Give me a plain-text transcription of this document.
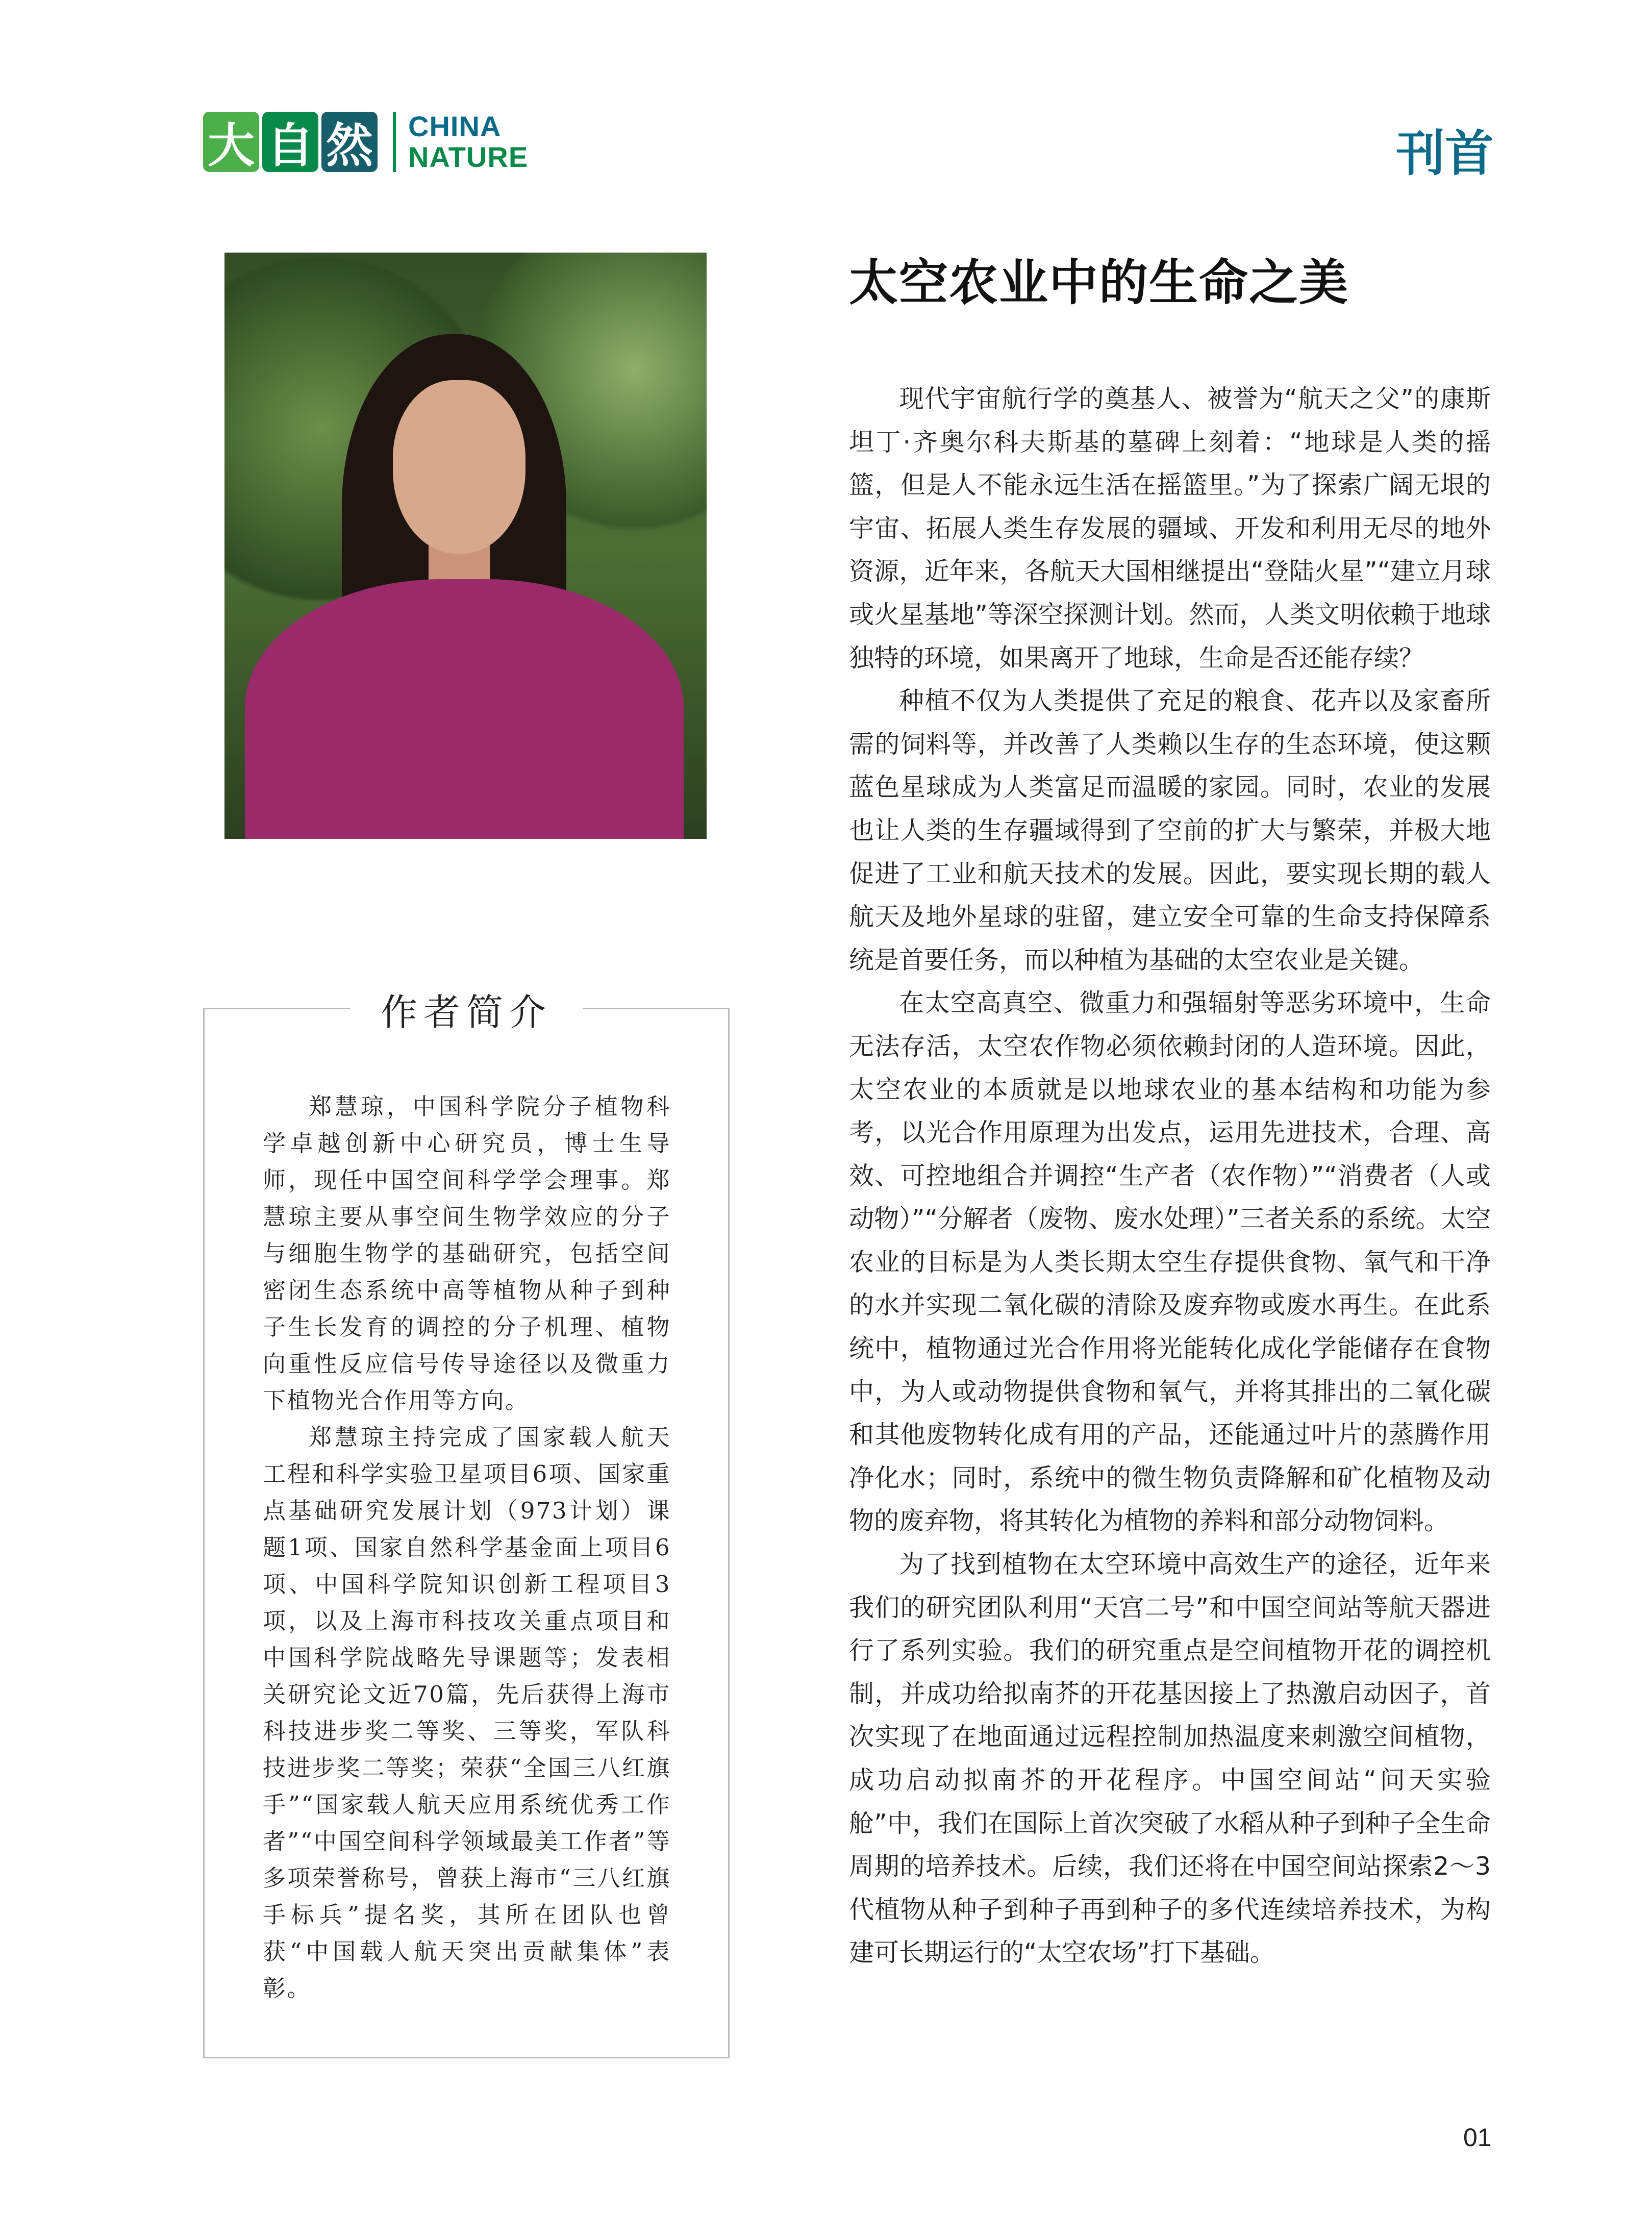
大 自 然 CHINA
NATURE	刊首
太空农业中的生命之美

现代宇宙航行学的奠基人、被誉为“航天之父”的康斯坦丁·齐奥尔科夫斯基的墓碑上刻着：“地球是人类的摇篮，但是人不能永远生活在摇篮里。”为了探索广阔无垠的宇宙、拓展人类生存发展的疆域、开发和利用无尽的地外资源，近年来，各航天大国相继提出“登陆火星”“建立月球或火星基地”等深空探测计划。然而，人类文明依赖于地球独特的环境，如果离开了地球，生命是否还能存续？

种植不仅为人类提供了充足的粮食、花卉以及家畜所需的饲料等，并改善了人类赖以生存的生态环境，使这颗蓝色星球成为人类富足而温暖的家园。同时，农业的发展也让人类的生存疆域得到了空前的扩大与繁荣，并极大地促进了工业和航天技术的发展。因此，要实现长期的载人航天及地外星球的驻留，建立安全可靠的生命支持保障系统是首要任务，而以种植为基础的太空农业是关键。

在太空高真空、微重力和强辐射等恶劣环境中，生命无法存活，太空农作物必须依赖封闭的人造环境。因此，太空农业的本质就是以地球农业的基本结构和功能为参考，以光合作用原理为出发点，运用先进技术，合理、高效、可控地组合并调控“生产者（农作物）”“消费者（人或动物）”“分解者（废物、废水处理）”三者关系的系统。太空农业的目标是为人类长期太空生存提供食物、氧气和干净的水并实现二氧化碳的清除及废弃物或废水再生。在此系统中，植物通过光合作用将光能转化成化学能储存在食物中，为人或动物提供食物和氧气，并将其排出的二氧化碳和其他废物转化成有用的产品，还能通过叶片的蒸腾作用净化水；同时，系统中的微生物负责降解和矿化植物及动物的废弃物，将其转化为植物的养料和部分动物饲料。

为了找到植物在太空环境中高效生产的途径，近年来我们的研究团队利用“天宫二号”和中国空间站等航天器进行了系列实验。我们的研究重点是空间植物开花的调控机制，并成功给拟南芥的开花基因接上了热激启动因子，首次实现了在地面通过远程控制加热温度来刺激空间植物，成功启动拟南芥的开花程序。中国空间站“问天实验舱”中，我们在国际上首次突破了水稻从种子到种子全生命周期的培养技术。后续，我们还将在中国空间站探索2～3代植物从种子到种子再到种子的多代连续培养技术，为构建可长期运行的“太空农场”打下基础。

作者简介

郑慧琼，中国科学院分子植物科学卓越创新中心研究员，博士生导师，现任中国空间科学学会理事。郑慧琼主要从事空间生物学效应的分子与细胞生物学的基础研究，包括空间密闭生态系统中高等植物从种子到种子生长发育的调控的分子机理、植物向重性反应信号传导途径以及微重力下植物光合作用等方向。

郑慧琼主持完成了国家载人航天工程和科学实验卫星项目6项、国家重点基础研究发展计划（973计划）课题1项、国家自然科学基金面上项目6项、中国科学院知识创新工程项目3项，以及上海市科技攻关重点项目和中国科学院战略先导课题等；发表相关研究论文近70篇，先后获得上海市科技进步奖二等奖、三等奖，军队科技进步奖二等奖；荣获“全国三八红旗手”“国家载人航天应用系统优秀工作者”“中国空间科学领域最美工作者”等多项荣誉称号，曾获上海市“三八红旗手标兵”提名奖，其所在团队也曾获“中国载人航天突出贡献集体”表彰。

01
